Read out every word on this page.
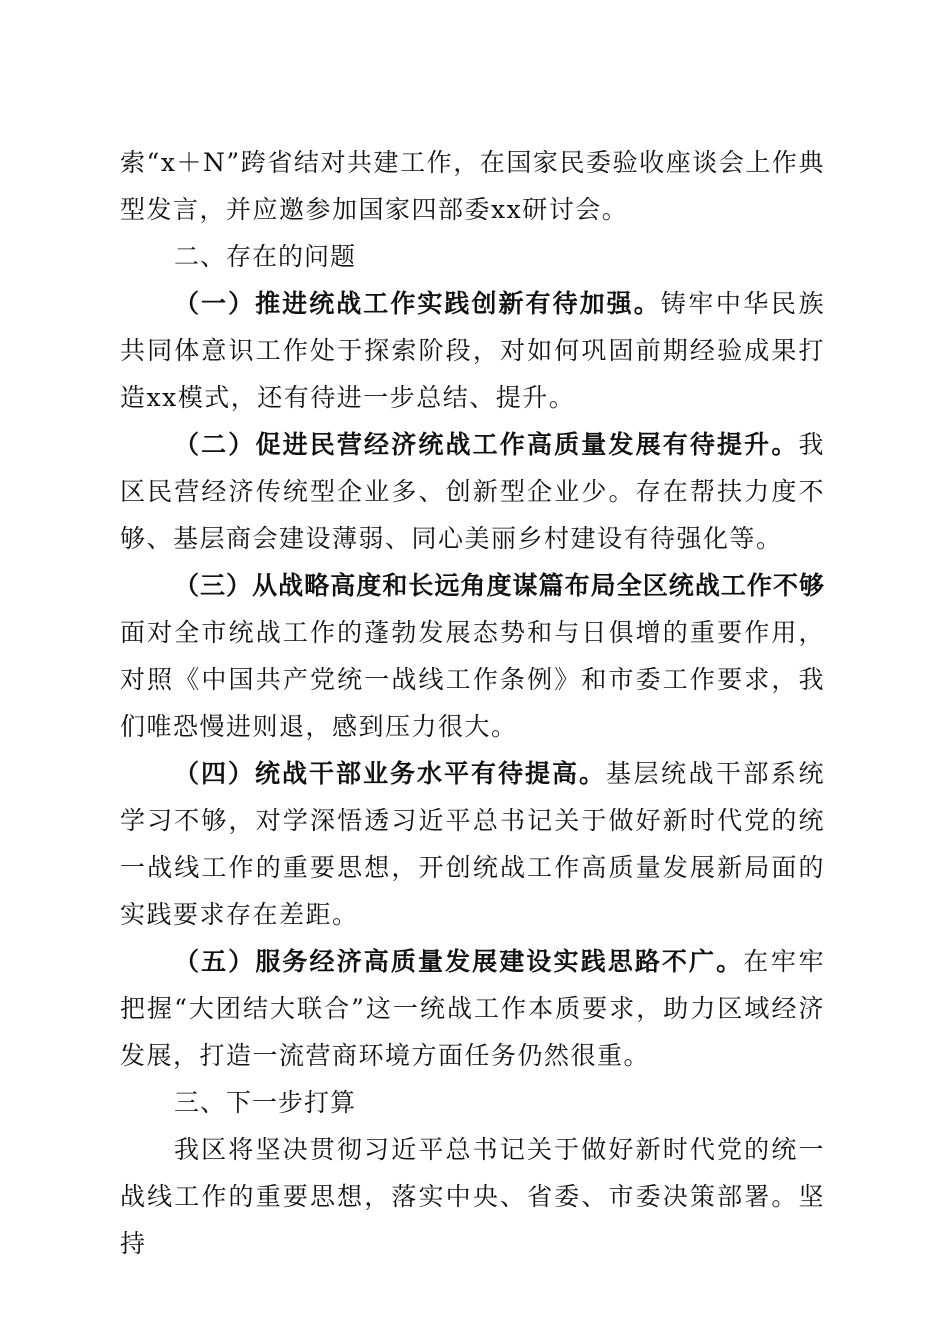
索“x＋N”跨省结对共建工作，在国家民委验收座谈会上作典型发言，并应邀参加国家四部委xx研讨会。

二、存在的问题

（一）推进统战工作实践创新有待加强。铸牢中华民族共同体意识工作处于探索阶段，对如何巩固前期经验成果打造xx模式，还有待进一步总结、提升。

（二）促进民营经济统战工作高质量发展有待提升。我区民营经济传统型企业多、创新型企业少。存在帮扶力度不够、基层商会建设薄弱、同心美丽乡村建设有待强化等。

（三）从战略高度和长远角度谋篇布局全区统战工作不够面对全市统战工作的蓬勃发展态势和与日俱增的重要作用，对照《中国共产党统一战线工作条例》和市委工作要求，我们唯恐慢进则退，感到压力很大。

（四）统战干部业务水平有待提高。基层统战干部系统学习不够，对学深悟透习近平总书记关于做好新时代党的统一战线工作的重要思想，开创统战工作高质量发展新局面的实践要求存在差距。

（五）服务经济高质量发展建设实践思路不广。在牢牢把握“大团结大联合”这一统战工作本质要求，助力区域经济发展，打造一流营商环境方面任务仍然很重。

三、下一步打算

我区将坚决贯彻习近平总书记关于做好新时代党的统一战线工作的重要思想，落实中央、省委、市委决策部署。坚持
